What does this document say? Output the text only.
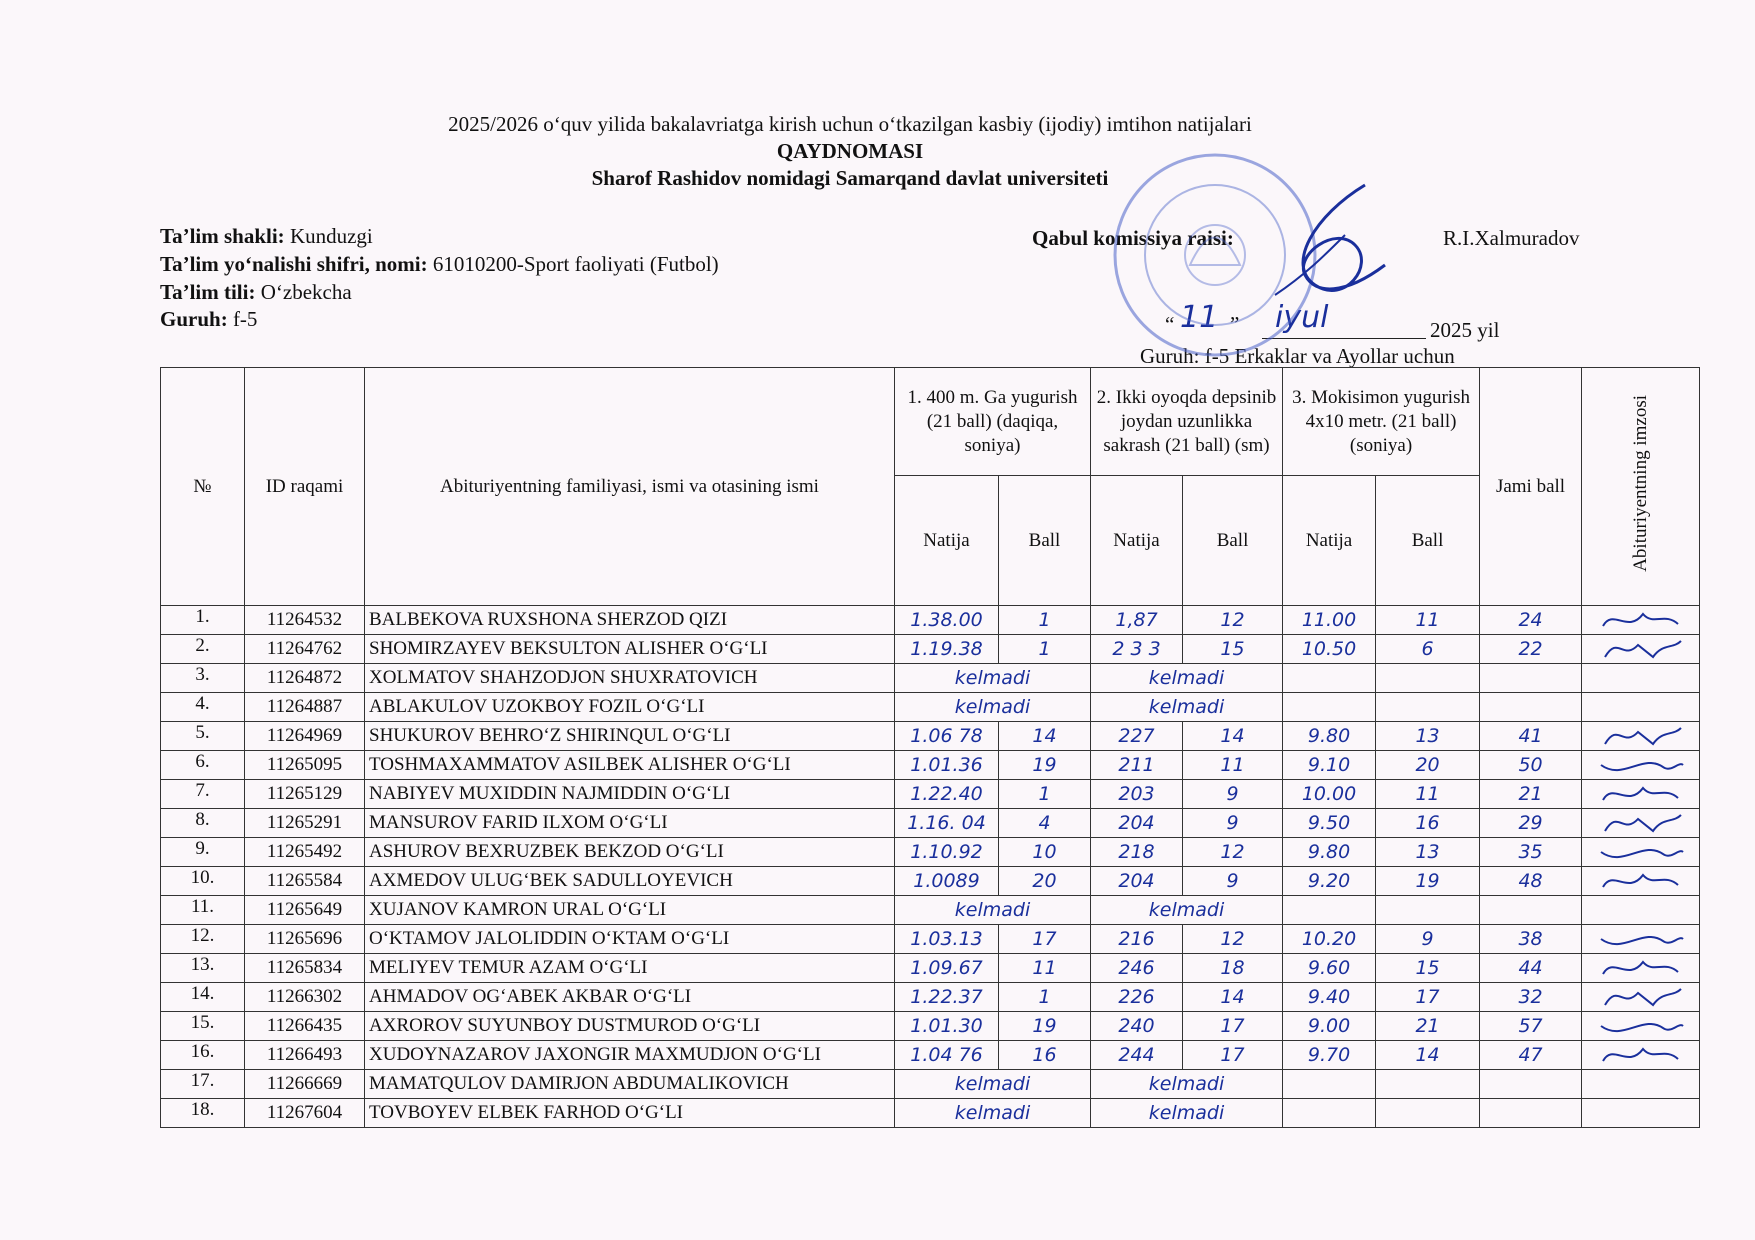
2025/2026 o‘quv yilida bakalavriatga kirish uchun o‘tkazilgan kasbiy (ijodiy) imtihon natijalari
QAYDNOMASI
Sharof Rashidov nomidagi Samarqand davlat universiteti
Ta’lim shakli: Kunduzgi
Ta’lim yo‘nalishi shifri, nomi: 61010200-Sport faoliyati (Futbol)
Ta’lim tili: O‘zbekcha
Guruh: f-5
Qabul komissiya raisi:	R.I.Xalmuradov
“ 11 ” iyul	2025 yil
Guruh: f-5 Erkaklar va Ayollar uchun
№	ID raqami	Abituriyentning familiyasi, ismi va otasining ismi	1. 400 m. Ga yugurish (21 ball) (daqiqa, soniya)		2. Ikki oyoqda depsinib joydan uzunlikka sakrash (21 ball) (sm)		3. Mokisimon yugurish 4x10 metr. (21 ball) (soniya)		Jami ball	Abituriyentning imzosi
			Natija	Ball	Natija	Ball	Natija	Ball		
1.	11264532	BALBEKOVA RUXSHONA SHERZOD QIZI	1.38.00	1	1,87	12	11.00	11	24	

2.	11264762	SHOMIRZAYEV BEKSULTON ALISHER O‘G‘LI	1.19.38	1	2 3 3	15	10.50	6	22	

3.	11264872	XOLMATOV SHAHZODJON SHUXRATOVICH	kelmadi		kelmadi					
4.	11264887	ABLAKULOV UZOKBOY FOZIL O‘G‘LI	kelmadi		kelmadi					
5.	11264969	SHUKUROV BEHRO‘Z SHIRINQUL O‘G‘LI	1.06 78	14	227	14	9.80	13	41	

6.	11265095	TOSHMAXAMMATOV ASILBEK ALISHER O‘G‘LI	1.01.36	19	211	11	9.10	20	50	

7.	11265129	NABIYEV MUXIDDIN NAJMIDDIN O‘G‘LI	1.22.40	1	203	9	10.00	11	21	

8.	11265291	MANSUROV FARID ILXOM O‘G‘LI	1.16. 04	4	204	9	9.50	16	29	

9.	11265492	ASHUROV BEXRUZBEK BEKZOD O‘G‘LI	1.10.92	10	218	12	9.80	13	35	

10.	11265584	AXMEDOV ULUG‘BEK SADULLOYEVICH	1.0089	20	204	9	9.20	19	48	

11.	11265649	XUJANOV KAMRON URAL O‘G‘LI	kelmadi		kelmadi					
12.	11265696	O‘KTAMOV JALOLIDDIN O‘KTAM O‘G‘LI	1.03.13	17	216	12	10.20	9	38	

13.	11265834	MELIYEV TEMUR AZAM O‘G‘LI	1.09.67	11	246	18	9.60	15	44	

14.	11266302	AHMADOV OG‘ABEK AKBAR O‘G‘LI	1.22.37	1	226	14	9.40	17	32	

15.	11266435	AXROROV SUYUNBOY DUSTMUROD O‘G‘LI	1.01.30	19	240	17	9.00	21	57	

16.	11266493	XUDOYNAZAROV JAXONGIR MAXMUDJON O‘G‘LI	1.04 76	16	244	17	9.70	14	47	

17.	11266669	MAMATQULOV DAMIRJON ABDUMALIKOVICH	kelmadi		kelmadi					
18.	11267604	TOVBOYEV ELBEK FARHOD O‘G‘LI	kelmadi		kelmadi					
